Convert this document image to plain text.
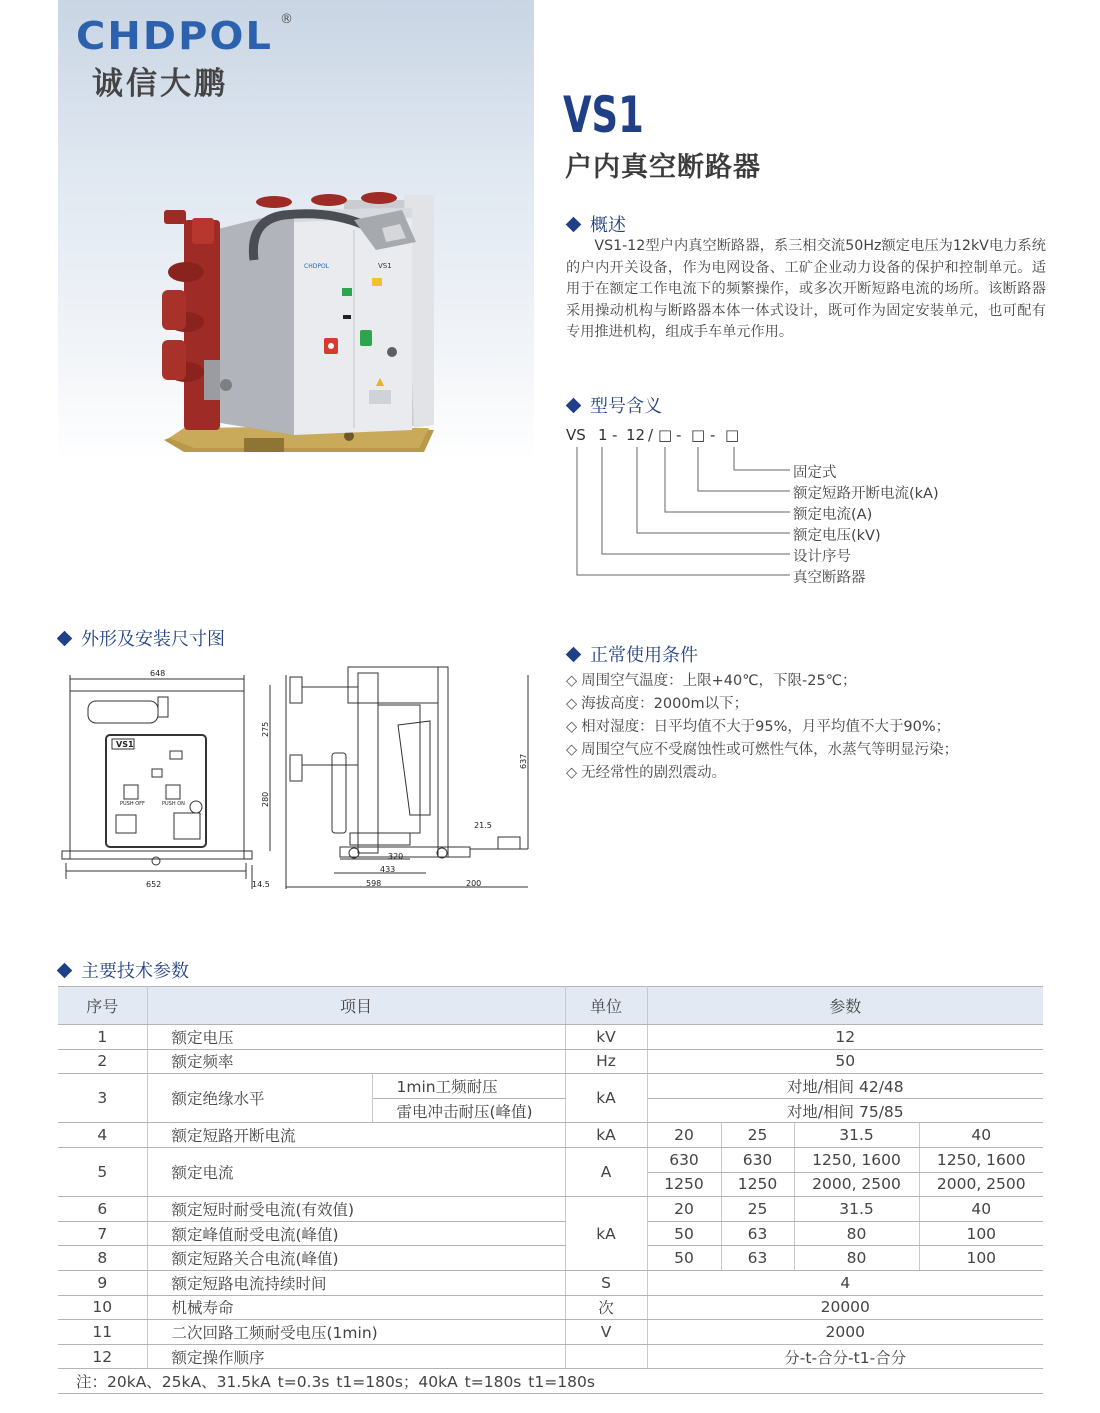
CHDPOL ®
诚信大鹏
CHDPOL	VS1
VS1
户内真空断路器
概述
VS1-12型户内真空断路器，系三相交流50Hz额定电压为12kV电力系统的户内开关设备，作为电网设备、工矿企业动力设备的保护和控制单元。适用于在额定工作电流下的频繁操作，或多次开断短路电流的场所。该断路器采用操动机构与断路器本体一体式设计，既可作为固定安装单元，也可配有专用推进机构，组成手车单元作用。
型号含义
VS 1 - 12 / □ - □ - □
固定式
额定短路开断电流(kA)
额定电流(A)
额定电压(kV)
设计序号
真空断路器
正常使用条件
◇ 周围空气温度：上限+40℃，下限-25℃；
◇ 海拔高度：2000m以下；
◇ 相对湿度：日平均值不大于95%，月平均值不大于90%；
◇ 周围空气应不受腐蚀性或可燃性气体，水蒸气等明显污染；
◇ 无经常性的剧烈震动。
外形及安装尺寸图
648
652	14.5
VS1
PUSH OFF	PUSH ON
320
433
598	200
21.5
275
280
637
主要技术参数
序号	项目		单位	参数			
1	额定电压		kV	12			
2	额定频率		Hz	50			
3	额定绝缘水平	1min工频耐压	kA	对地/相间 42/48			
		雷电冲击耐压(峰值)		对地/相间 75/85			
4	额定短路开断电流		kA	20	25	31.5	40
5	额定电流		A	630	630	1250, 1600	1250, 1600
				1250	1250	2000, 2500	2000, 2500
6	额定短时耐受电流(有效值)		kA	20	25	31.5	40
7	额定峰值耐受电流(峰值)			50	63	80	100
8	额定短路关合电流(峰值)			50	63	80	100
9	额定短路电流持续时间		S	4			
10	机械寿命		次	20000			
11	二次回路工频耐受电压(1min)		V	2000			
12	额定操作顺序			分-t-合分-t1-合分			
注：20kA、25kA、31.5kA t=0.3s t1=180s；40kA t=180s t1=180s
